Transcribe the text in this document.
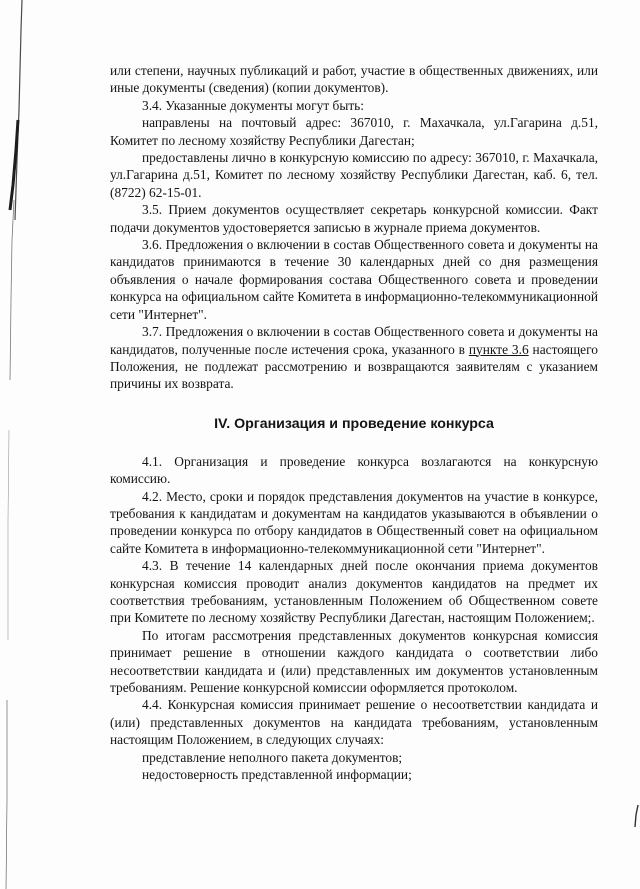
или степени, научных публикаций и работ, участие в общественных движениях, или иные документы (сведения) (копии документов).

3.4. Указанные документы могут быть:

направлены на почтовый адрес: 367010, г. Махачкала, ул.Гагарина д.51, Комитет по лесному хозяйству Республики Дагестан;

предоставлены лично в конкурсную комиссию по адресу: 367010, г. Махачкала, ул.Гагарина д.51, Комитет по лесному хозяйству Республики Дагестан, каб. 6, тел. (8722) 62-15-01.

3.5. Прием документов осуществляет секретарь конкурсной комиссии. Факт подачи документов удостоверяется записью в журнале приема документов.

3.6. Предложения о включении в состав Общественного совета и документы на кандидатов принимаются в течение 30 календарных дней со дня размещения объявления о начале формирования состава Общественного совета и проведении конкурса на официальном сайте Комитета в информационно-телекоммуникационной сети "Интернет".

3.7. Предложения о включении в состав Общественного совета и документы на кандидатов, полученные после истечения срока, указанного в пункте 3.6 настоящего Положения, не подлежат рассмотрению и возвращаются заявителям с указанием причины их возврата.

IV. Организация и проведение конкурса

4.1. Организация и проведение конкурса возлагаются на конкурсную комиссию.

4.2. Место, сроки и порядок представления документов на участие в конкурсе, требования к кандидатам и документам на кандидатов указываются в объявлении о проведении конкурса по отбору кандидатов в Общественный совет на официальном сайте Комитета в информационно-телекоммуникационной сети "Интернет".

4.3. В течение 14 календарных дней после окончания приема документов конкурсная комиссия проводит анализ документов кандидатов на предмет их соответствия требованиям, установленным Положением об Общественном совете при Комитете по лесному хозяйству Республики Дагестан, настоящим Положением;.

По итогам рассмотрения представленных документов конкурсная комиссия принимает решение в отношении каждого кандидата о соответствии либо несоответствии кандидата и (или) представленных им документов установленным требованиям. Решение конкурсной комиссии оформляется протоколом.

4.4. Конкурсная комиссия принимает решение о несоответствии кандидата и (или) представленных документов на кандидата требованиям, установленным настоящим Положением, в следующих случаях:

представление неполного пакета документов;

недостоверность представленной информации;
